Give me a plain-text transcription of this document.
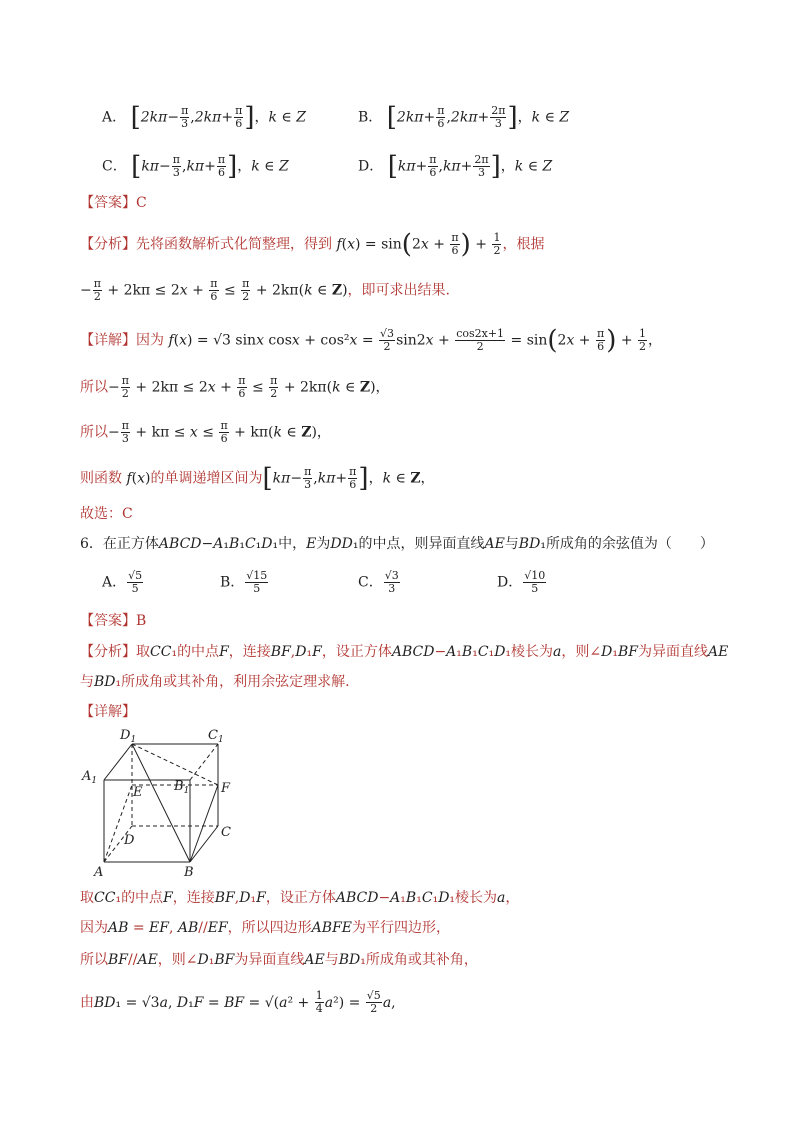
A． [$2k\pi- \frac{\pi}{3} ,2k\pi+ \frac{\pi}{6}$ ]，k ∈ Z	B． [$2k\pi+ \frac{\pi}{6} ,2k\pi+ \frac{2\pi}{3}$ ]，k ∈ Z
C． [$k\pi- \frac{\pi}{3} ,k\pi+ \frac{\pi}{6}$ ]，k ∈ Z	D． [$k\pi+ \frac{\pi}{6} ,k\pi+ \frac{2\pi}{3}$ ]，k ∈ Z
【答案】C
【分析】先将函数解析式化简整理，得到 $f(x) = \sin(2x + \frac{\pi}{6}$ ) + $\frac{1}{2}$ ，根据
− $\frac{\pi}{2} + 2k\pi \le 2x + \frac{\pi}{6} \le \frac{\pi}{2} + 2k\pi(k$ ∈ Z)，即可求出结果.
【详解】因为 f(x) = √3 sinx $\cos x + \cos^2x = \frac{√3}{2} \sin 2x + \frac{\cos 2x+1}{2} = \sin(2x + \frac{\pi}{6}$ ) + $\frac{1}{2}$ ，
所以− $\frac{\pi}{2} + 2k\pi \le 2x + \frac{\pi}{6} \le \frac{\pi}{2} + 2k\pi(k$ ∈ Z)，
所以− $\frac{\pi}{3} + k\pi \le x \le \frac{\pi}{6} + k\pi(k$ ∈ Z)，
则函数 f(x)的单调递增区间为[$k\pi- \frac{\pi}{3} ,k\pi+ \frac{\pi}{6}$ ]，k ∈ Z，
故选：C
6．在正方体ABCD−A₁B₁C₁D₁中，E为DD₁的中点，则异面直线AE与BD₁所成角的余弦值为（　　）
A． $\frac{√5}{5}$	B． $\frac{√15}{5}$	C． $\frac{√3}{3}$	D． $\frac{√10}{5}$
【答案】B
【分析】取CC₁的中点F，连接BF,D₁F，设正方体ABCD−A₁B₁C₁D₁棱长为a，则∠D₁BF为异面直线AE
与BD₁所成角或其补角，利用余弦定理求解.
【详解】
$D_1$	$C_1$
$A_1$	$B_1$
E	F
D
C
A	B
取CC₁的中点F，连接BF,D₁F，设正方体ABCD−A₁B₁C₁D₁棱长为a，
因为AB = EF, AB//EF，所以四边形ABFE为平行四边形，
所以BF//AE，则∠D₁BF为异面直线AE与BD₁所成角或其补角，
由BD₁ = √3a, D₁F = BF = $√(a^2 + \frac{1}{4} a^2) = \frac{√5}{2} a$,
